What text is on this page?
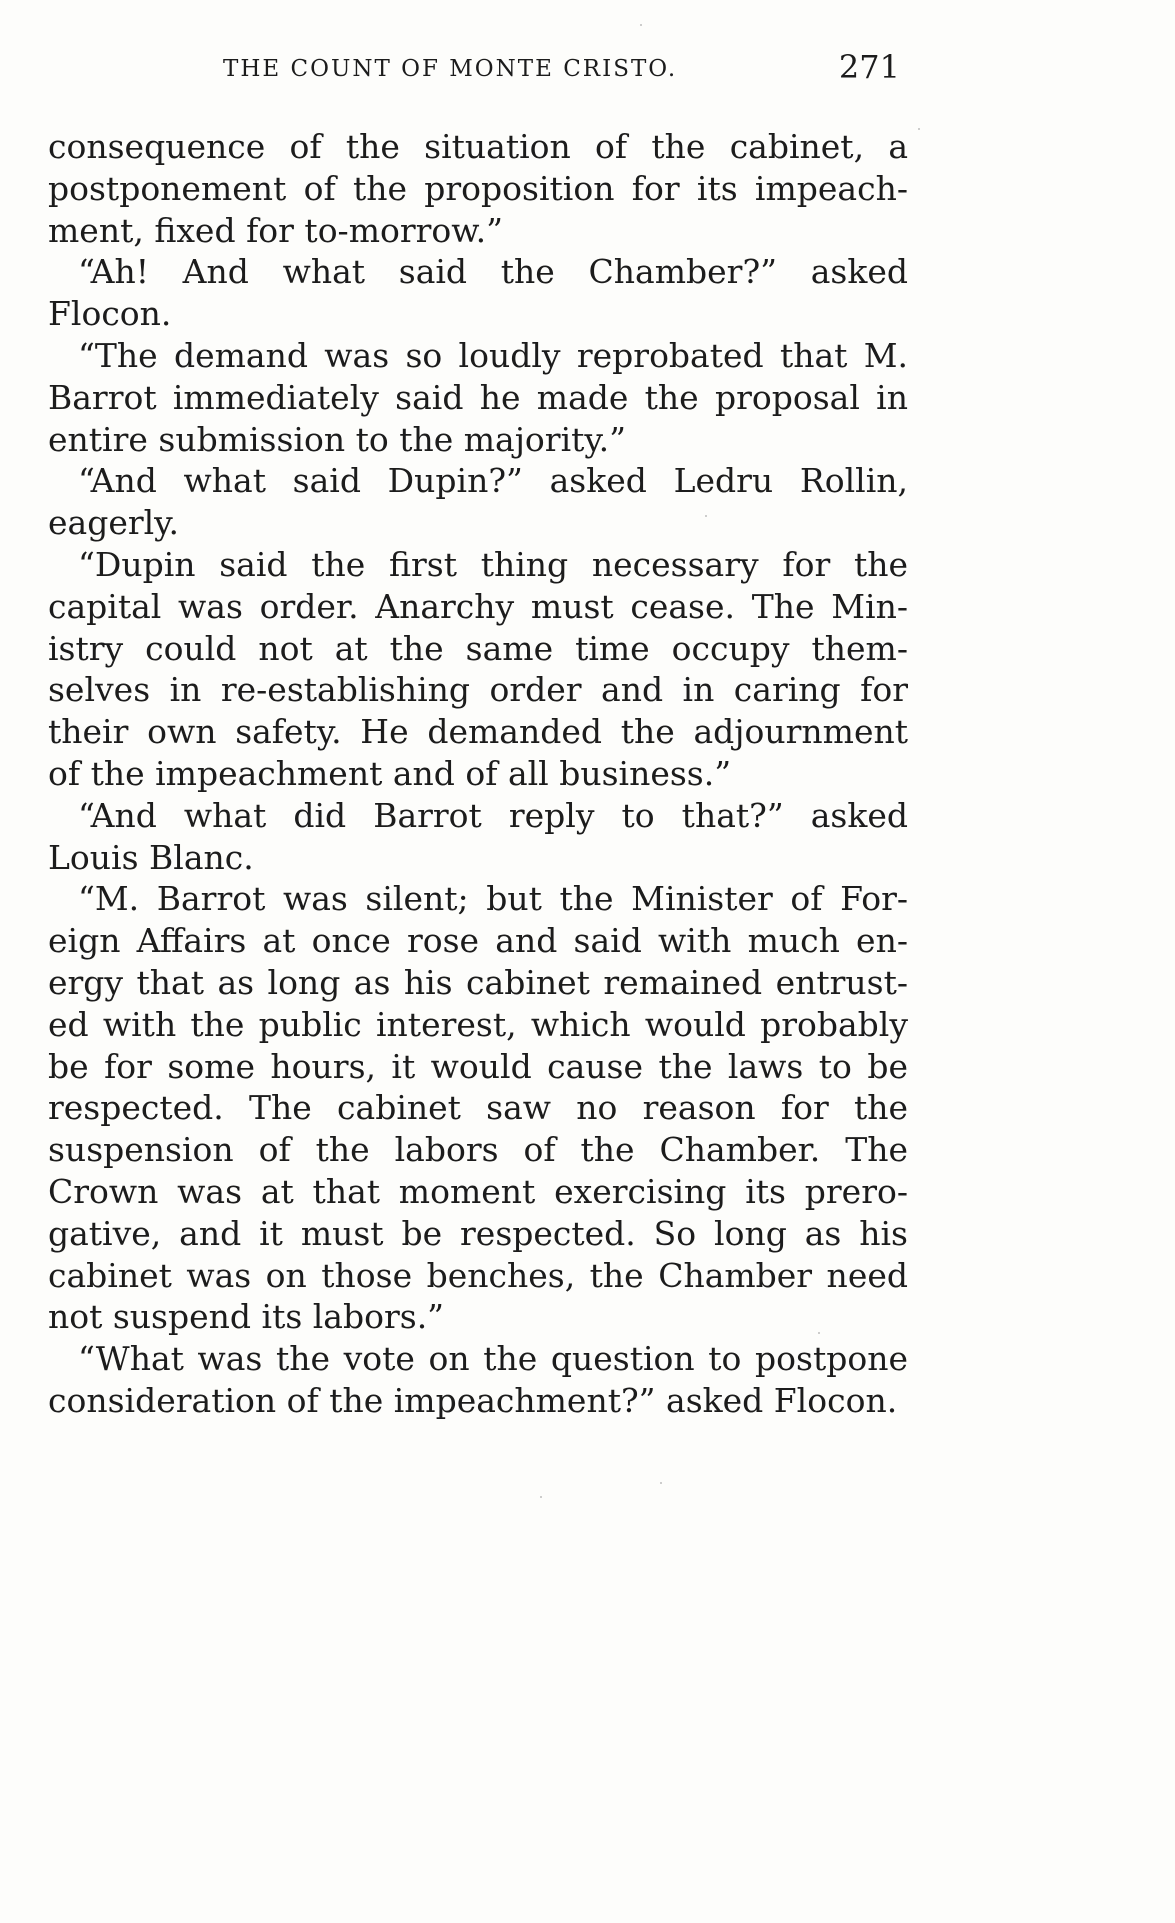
THE COUNT OF MONTE CRISTO.	271
consequence of the situation of the cabinet, a
postponement of the proposition for its impeach-
ment, fixed for to-morrow.”
“Ah! And what said the Chamber?” asked
Flocon.
“The demand was so loudly reprobated that M.
Barrot immediately said he made the proposal in
entire submission to the majority.”
“And what said Dupin?” asked Ledru Rollin,
eagerly.
“Dupin said the first thing necessary for the
capital was order. Anarchy must cease. The Min-
istry could not at the same time occupy them-
selves in re-establishing order and in caring for
their own safety. He demanded the adjournment
of the impeachment and of all business.”
“And what did Barrot reply to that?” asked
Louis Blanc.
“M. Barrot was silent; but the Minister of For-
eign Affairs at once rose and said with much en-
ergy that as long as his cabinet remained entrust-
ed with the public interest, which would probably
be for some hours, it would cause the laws to be
respected. The cabinet saw no reason for the
suspension of the labors of the Chamber. The
Crown was at that moment exercising its prero-
gative, and it must be respected. So long as his
cabinet was on those benches, the Chamber need
not suspend its labors.”
“What was the vote on the question to postpone
consideration of the impeachment?” asked Flocon.
